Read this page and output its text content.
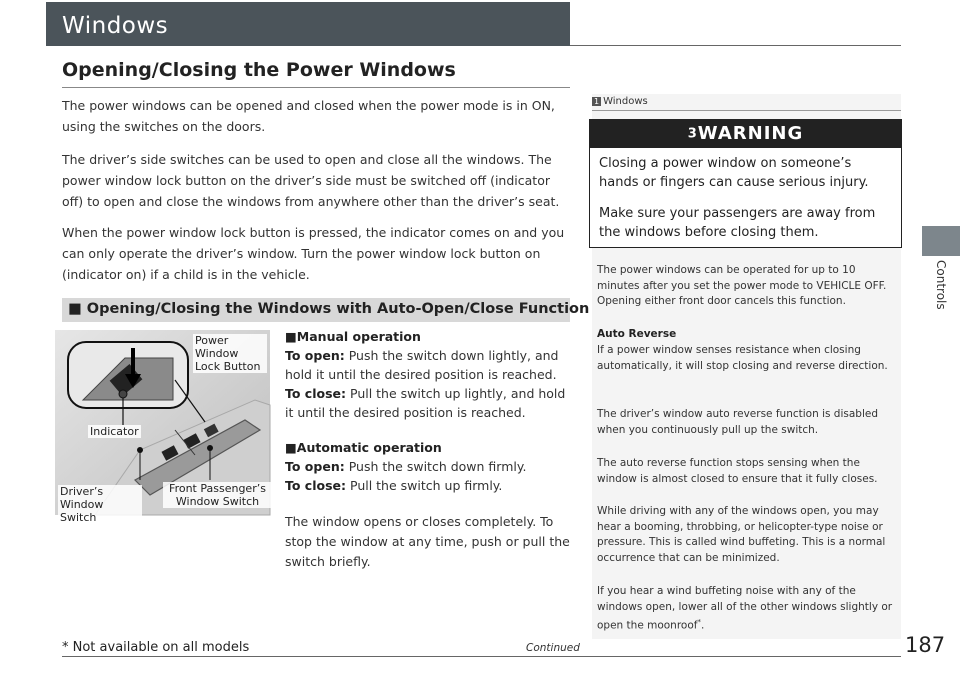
Windows
Controls
Opening/Closing the Power Windows
The power windows can be opened and closed when the power mode is in ON, using the switches on the doors.
The driver’s side switches can be used to open and close all the windows. The power window lock button on the driver’s side must be switched off (indicator off) to open and close the windows from anywhere other than the driver’s seat.
When the power window lock button is pressed, the indicator comes on and you can only operate the driver’s window. Turn the power window lock button on (indicator on) if a child is in the vehicle.
■ Opening/Closing the Windows with Auto-Open/Close Function
Power Window Lock Button
Indicator
Driver’s Window Switch
Front Passenger’s Window Switch
■Manual operation
To open: Push the switch down lightly, and hold it until the desired position is reached.
To close: Pull the switch up lightly, and hold it until the desired position is reached.
■Automatic operation
To open: Push the switch down firmly.
To close: Pull the switch up firmly.
The window opens or closes completely. To stop the window at any time, push or pull the switch briefly.
1 Windows
3WARNING
Closing a power window on someone’s hands or fingers can cause serious injury.
Make sure your passengers are away from the windows before closing them.
The power windows can be operated for up to 10 minutes after you set the power mode to VEHICLE OFF. Opening either front door cancels this function.
Auto Reverse
If a power window senses resistance when closing automatically, it will stop closing and reverse direction.
The driver’s window auto reverse function is disabled when you continuously pull up the switch.
The auto reverse function stops sensing when the window is almost closed to ensure that it fully closes.
While driving with any of the windows open, you may hear a booming, throbbing, or helicopter-type noise or pressure. This is called wind buffeting. This is a normal occurrence that can be minimized.
If you hear a wind buffeting noise with any of the windows open, lower all of the other windows slightly or open the moonroof*.
* Not available on all models	Continued	187
